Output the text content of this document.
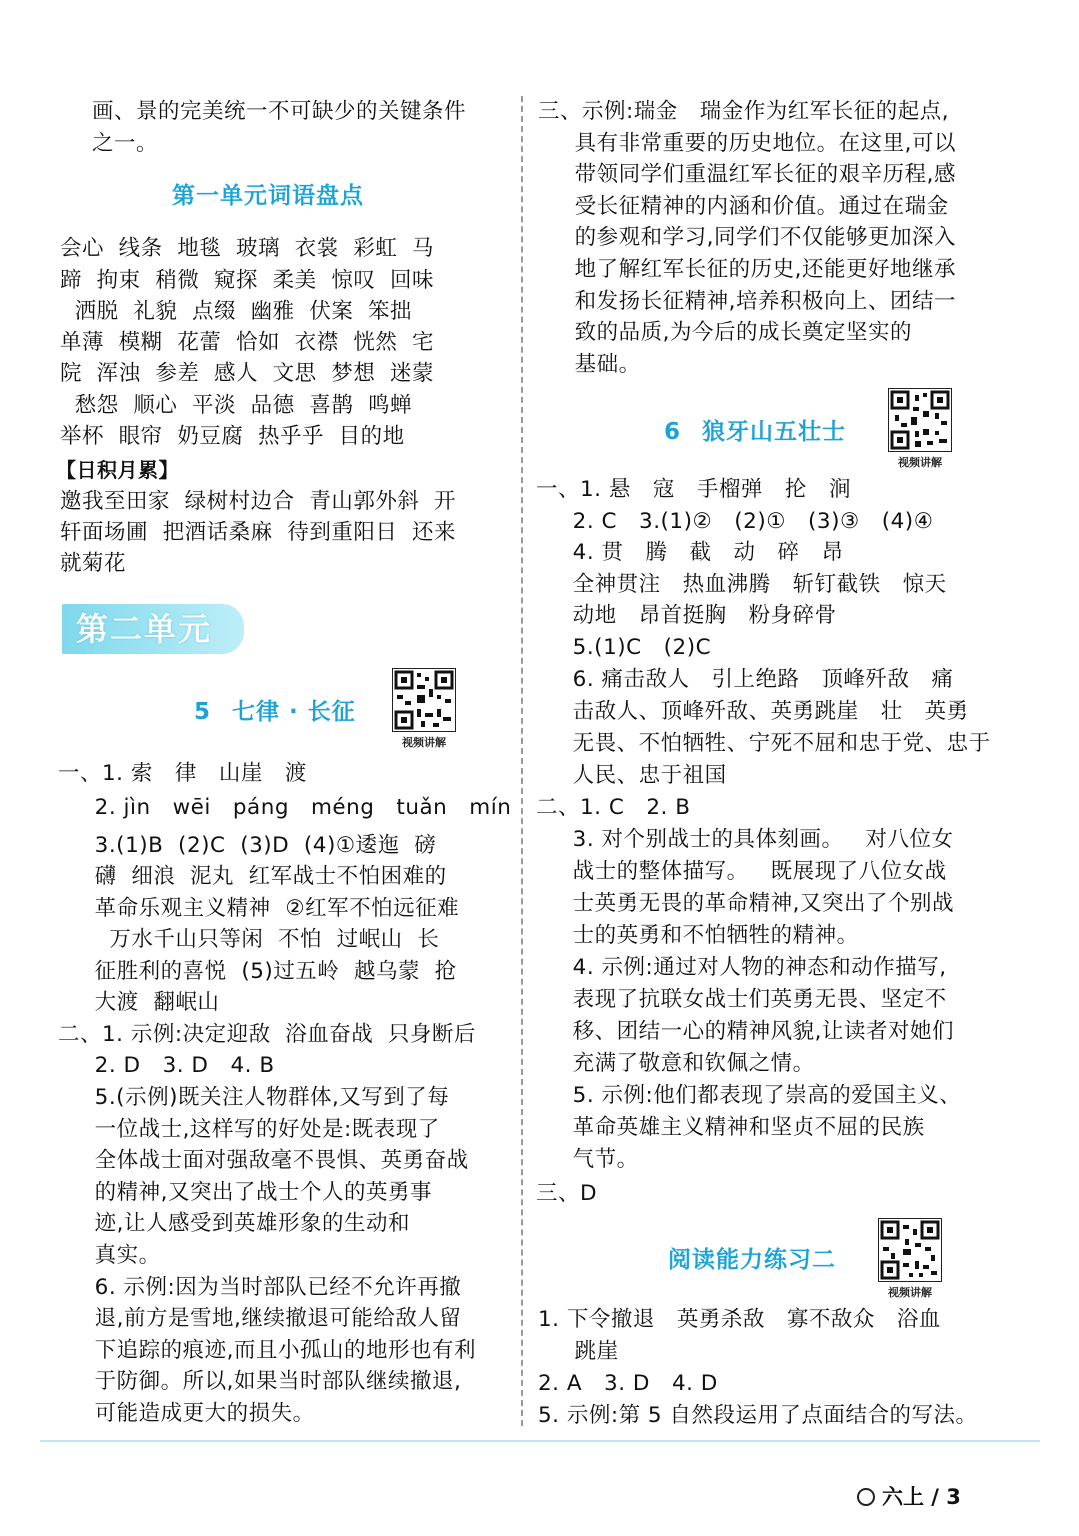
画、景的完美统一不可缺少的关键条件
之一。
第一单元词语盘点
会心  线条  地毯  玻璃  衣裳  彩虹  马
蹄  拘束  稍微  窥探  柔美  惊叹  回味
洒脱  礼貌  点缀  幽雅  伏案  笨拙
单薄  模糊  花蕾  恰如  衣襟  恍然  宅
院  浑浊  参差  感人  文思  梦想  迷蒙
愁怨  顺心  平淡  品德  喜鹊  鸣蝉
举杯  眼帘  奶豆腐  热乎乎  目的地
【日积月累】
邀我至田家  绿树村边合  青山郭外斜  开
轩面场圃  把酒话桑麻  待到重阳日  还来
就菊花
第二单元
5 七律 · 长征
视频讲解
一、1. 索   律   山崖   渡
2. jìn   wēi   páng   méng   tuǎn   mín
3.(1)B  (2)C  (3)D  (4)①逶迤  磅
礴  细浪  泥丸  红军战士不怕困难的
革命乐观主义精神  ②红军不怕远征难
万水千山只等闲  不怕  过岷山  长
征胜利的喜悦  (5)过五岭  越乌蒙  抢
大渡  翻岷山
二、1. 示例:决定迎敌  浴血奋战  只身断后
2. D   3. D   4. B
5.(示例)既关注人物群体,又写到了每
一位战士,这样写的好处是:既表现了
全体战士面对强敌毫不畏惧、英勇奋战
的精神,又突出了战士个人的英勇事
迹,让人感受到英雄形象的生动和
真实。
6. 示例:因为当时部队已经不允许再撤
退,前方是雪地,继续撤退可能给敌人留
下追踪的痕迹,而且小孤山的地形也有利
于防御。所以,如果当时部队继续撤退,
可能造成更大的损失。
三、示例:瑞金   瑞金作为红军长征的起点,
具有非常重要的历史地位。在这里,可以
带领同学们重温红军长征的艰辛历程,感
受长征精神的内涵和价值。通过在瑞金
的参观和学习,同学们不仅能够更加深入
地了解红军长征的历史,还能更好地继承
和发扬长征精神,培养积极向上、团结一
致的品质,为今后的成长奠定坚实的
基础。
6 狼牙山五壮士
视频讲解
一、1. 悬   寇   手榴弹   抡   涧
2. C   3.(1)②   (2)①   (3)③   (4)④
4. 贯   腾   截   动   碎   昂
全神贯注   热血沸腾   斩钉截铁   惊天
动地   昂首挺胸   粉身碎骨
5.(1)C   (2)C
6. 痛击敌人   引上绝路   顶峰歼敌   痛
击敌人、顶峰歼敌、英勇跳崖   壮   英勇
无畏、不怕牺牲、宁死不屈和忠于党、忠于
人民、忠于祖国
二、1. C   2. B
3. 对个别战士的具体刻画。   对八位女
战士的整体描写。   既展现了八位女战
士英勇无畏的革命精神,又突出了个别战
士的英勇和不怕牺牲的精神。
4. 示例:通过对人物的神态和动作描写,
表现了抗联女战士们英勇无畏、坚定不
移、团结一心的精神风貌,让读者对她们
充满了敬意和钦佩之情。
5. 示例:他们都表现了崇高的爱国主义、
革命英雄主义精神和坚贞不屈的民族
气节。
三、D
阅读能力练习二
视频讲解
1. 下令撤退   英勇杀敌   寡不敌众   浴血
跳崖
2. A   3. D   4. D
5. 示例:第 5 自然段运用了点面结合的写法。
六上 / 3
